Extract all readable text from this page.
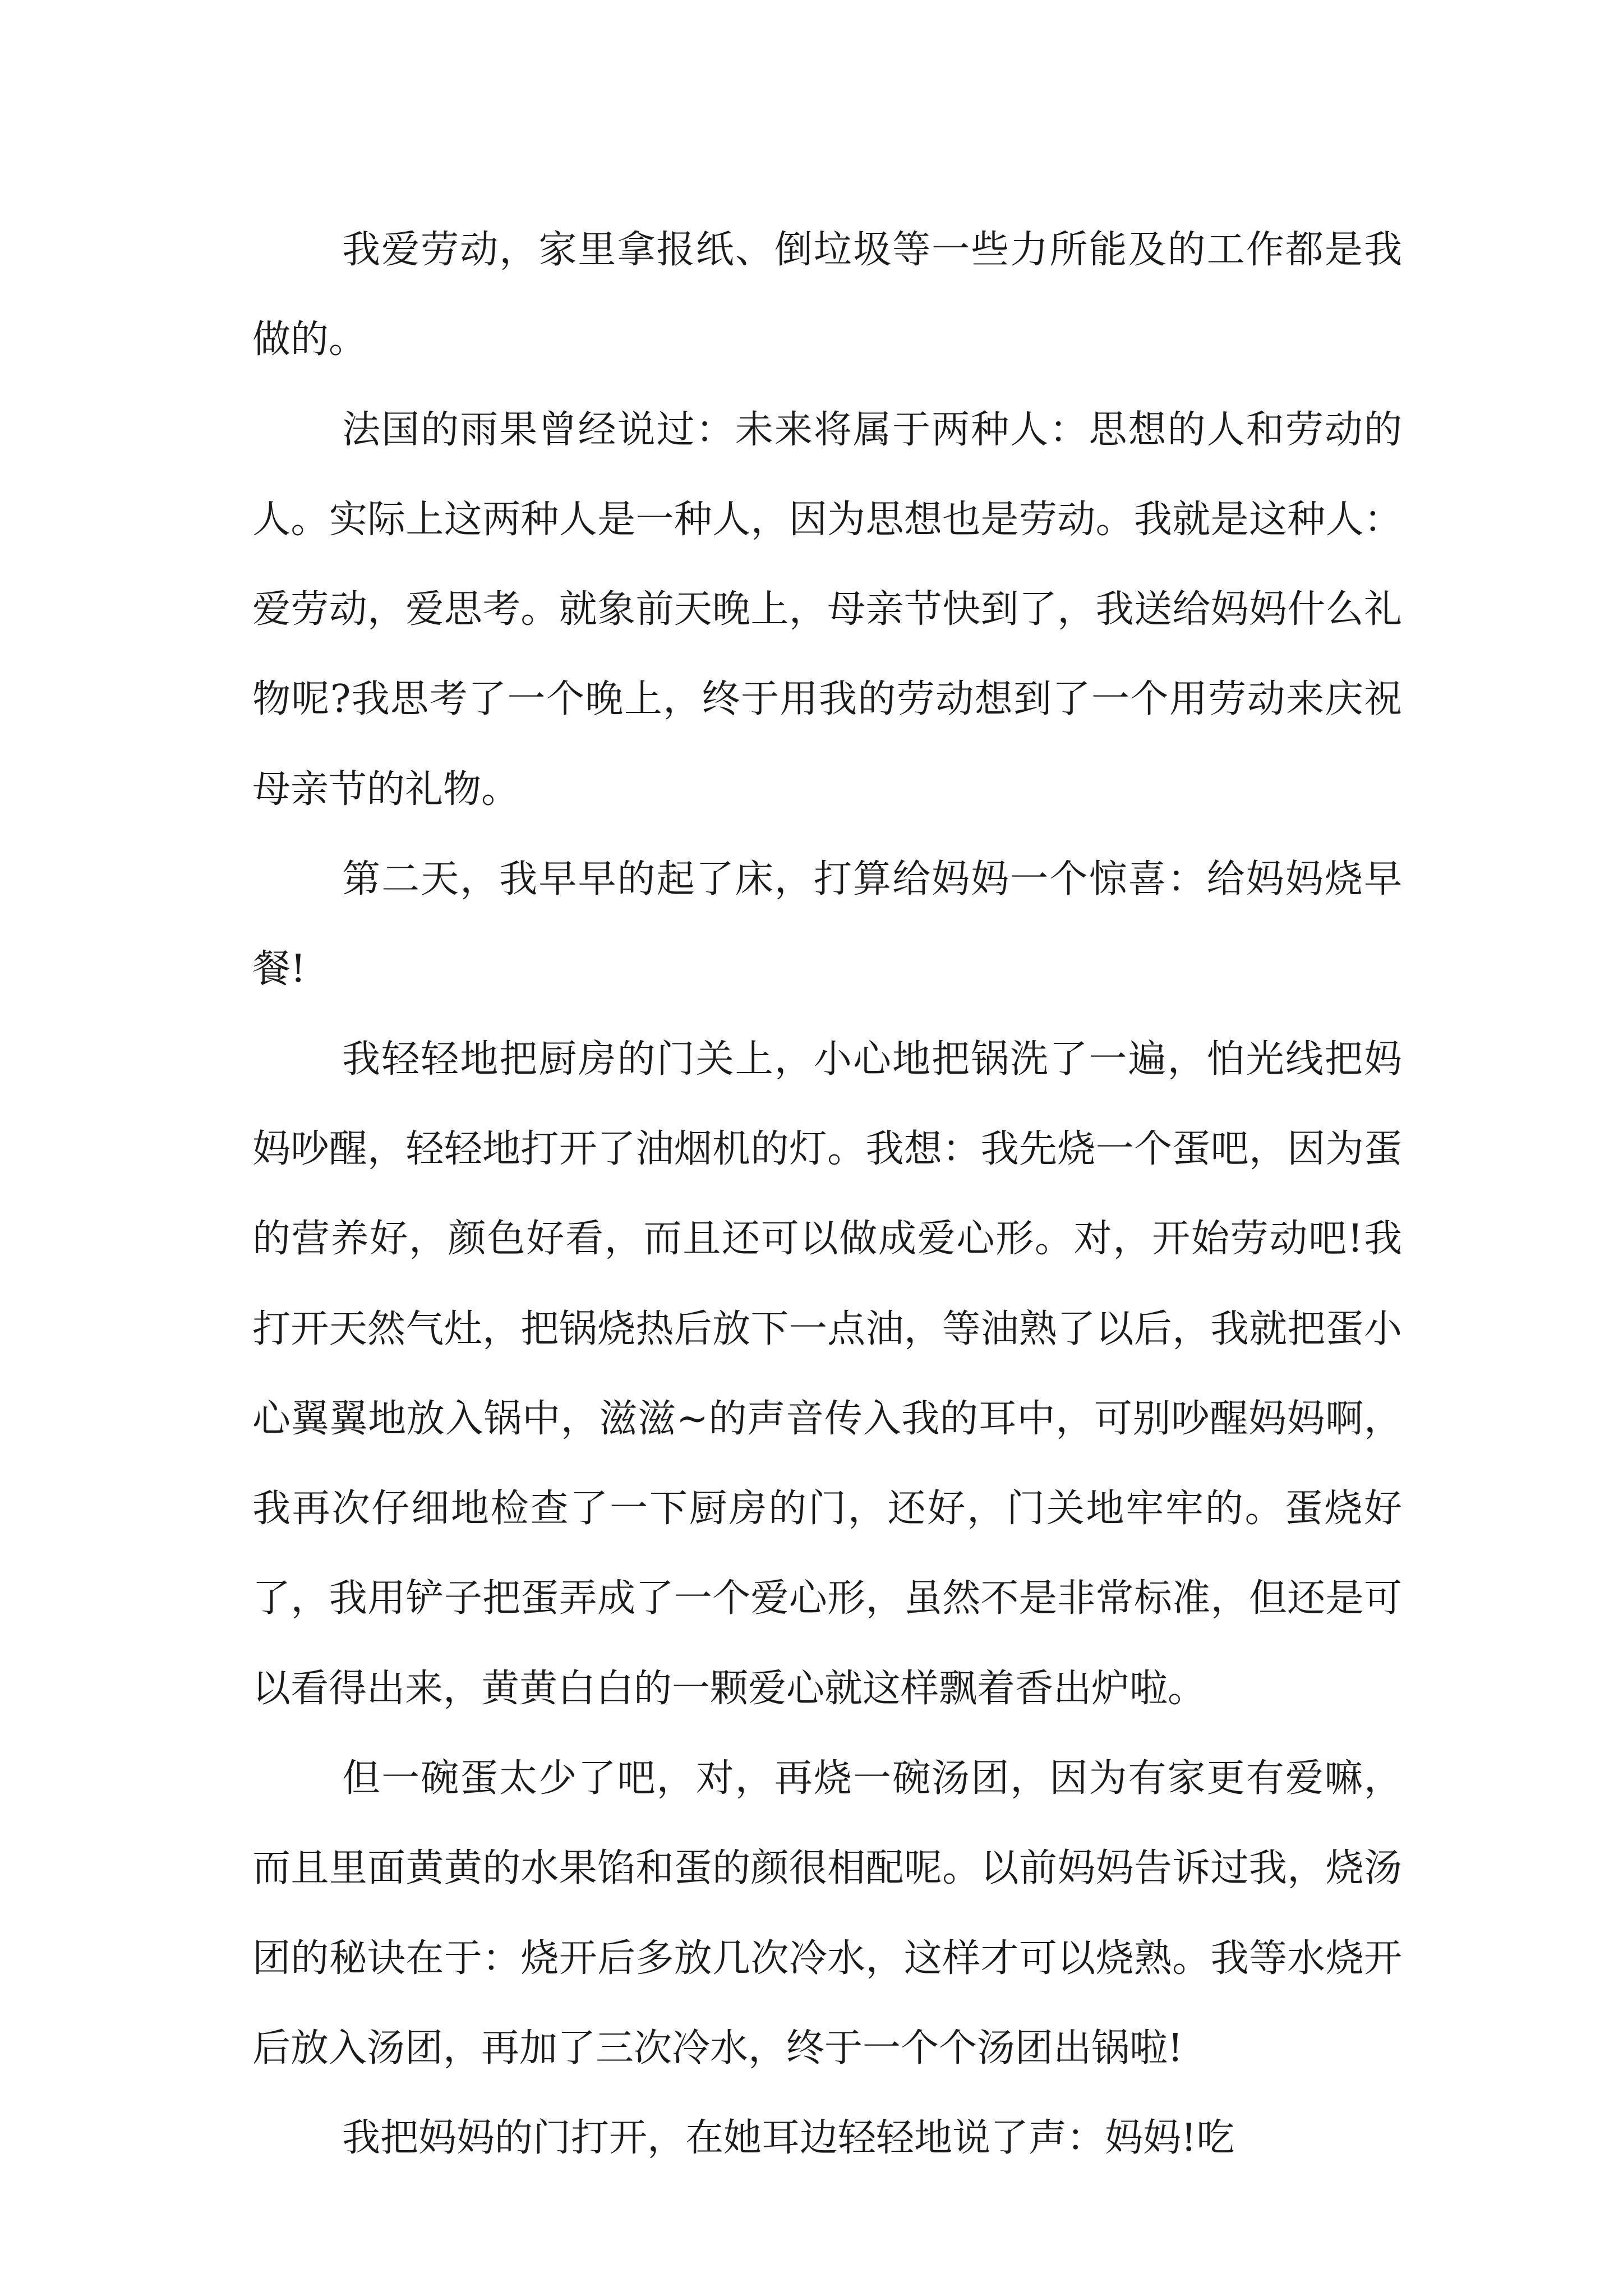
我爱劳动，家里拿报纸、倒垃圾等一些力所能及的工作都是我做的。

法国的雨果曾经说过：未来将属于两种人：思想的人和劳动的人。实际上这两种人是一种人，因为思想也是劳动。我就是这种人：爱劳动，爱思考。就象前天晚上，母亲节快到了，我送给妈妈什么礼物呢?我思考了一个晚上，终于用我的劳动想到了一个用劳动来庆祝母亲节的礼物。

第二天，我早早的起了床，打算给妈妈一个惊喜：给妈妈烧早餐!

我轻轻地把厨房的门关上，小心地把锅洗了一遍，怕光线把妈妈吵醒，轻轻地打开了油烟机的灯。我想：我先烧一个蛋吧，因为蛋的营养好，颜色好看，而且还可以做成爱心形。对，开始劳动吧!我打开天然气灶，把锅烧热后放下一点油，等油熟了以后，我就把蛋小心翼翼地放入锅中，滋滋~的声音传入我的耳中，可别吵醒妈妈啊，我再次仔细地检查了一下厨房的门，还好，门关地牢牢的。蛋烧好了，我用铲子把蛋弄成了一个爱心形，虽然不是非常标准，但还是可以看得出来，黄黄白白的一颗爱心就这样飘着香出炉啦。

但一碗蛋太少了吧，对，再烧一碗汤团，因为有家更有爱嘛，而且里面黄黄的水果馅和蛋的颜很相配呢。以前妈妈告诉过我，烧汤团的秘诀在于：烧开后多放几次冷水，这样才可以烧熟。我等水烧开后放入汤团，再加了三次冷水，终于一个个汤团出锅啦!

我把妈妈的门打开，在她耳边轻轻地说了声：妈妈!吃
